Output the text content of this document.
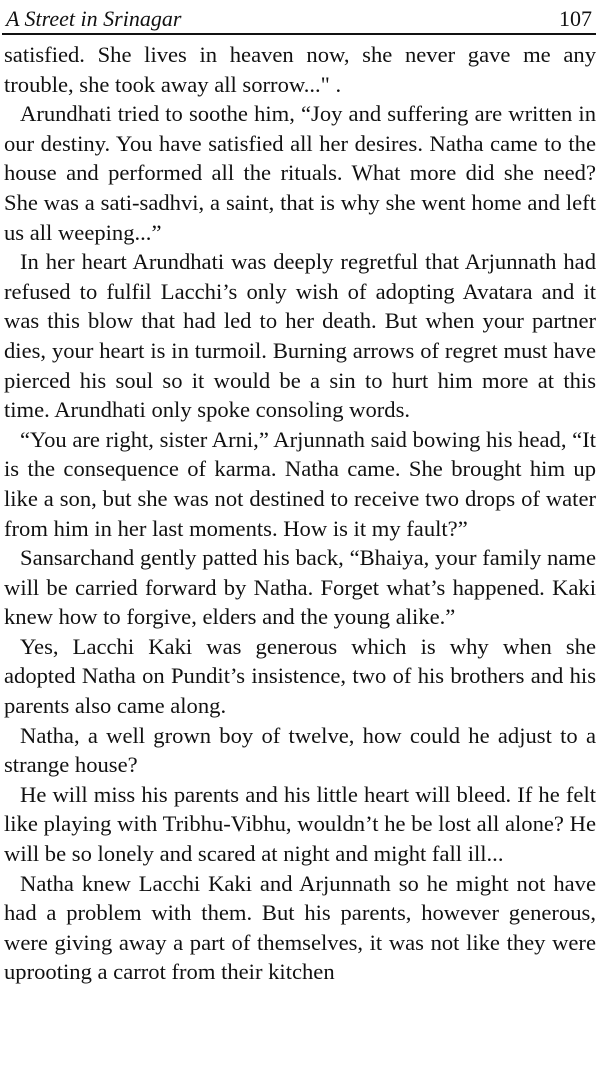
A Street in Srinagar	107

satisfied. She lives in heaven now, she never gave me any trouble, she took away all sorrow..." .

Arundhati tried to soothe him, “Joy and suffering are written in our destiny. You have satisfied all her desires. Natha came to the house and performed all the rituals. What more did she need? She was a sati-sadhvi, a saint, that is why she went home and left us all weeping...”

In her heart Arundhati was deeply regretful that Arjunnath had refused to fulfil Lacchi’s only wish of adopting Avatara and it was this blow that had led to her death. But when your partner dies, your heart is in turmoil. Burning arrows of regret must have pierced his soul so it would be a sin to hurt him more at this time. Arundhati only spoke consoling words.

“You are right, sister Arni,” Arjunnath said bowing his head, “It is the consequence of karma. Natha came. She brought him up like a son, but she was not destined to receive two drops of water from him in her last moments. How is it my fault?”

Sansarchand gently patted his back, “Bhaiya, your family name will be carried forward by Natha. Forget what’s happened. Kaki knew how to forgive, elders and the young alike.”

Yes, Lacchi Kaki was generous which is why when she adopted Natha on Pundit’s insistence, two of his brothers and his parents also came along.

Natha, a well grown boy of twelve, how could he adjust to a strange house?

He will miss his parents and his little heart will bleed. If he felt like playing with Tribhu-Vibhu, wouldn’t he be lost all alone? He will be so lonely and scared at night and might fall ill...

Natha knew Lacchi Kaki and Arjunnath so he might not have had a problem with them. But his parents, however generous, were giving away a part of themselves, it was not like they were uprooting a carrot from their kitchen
